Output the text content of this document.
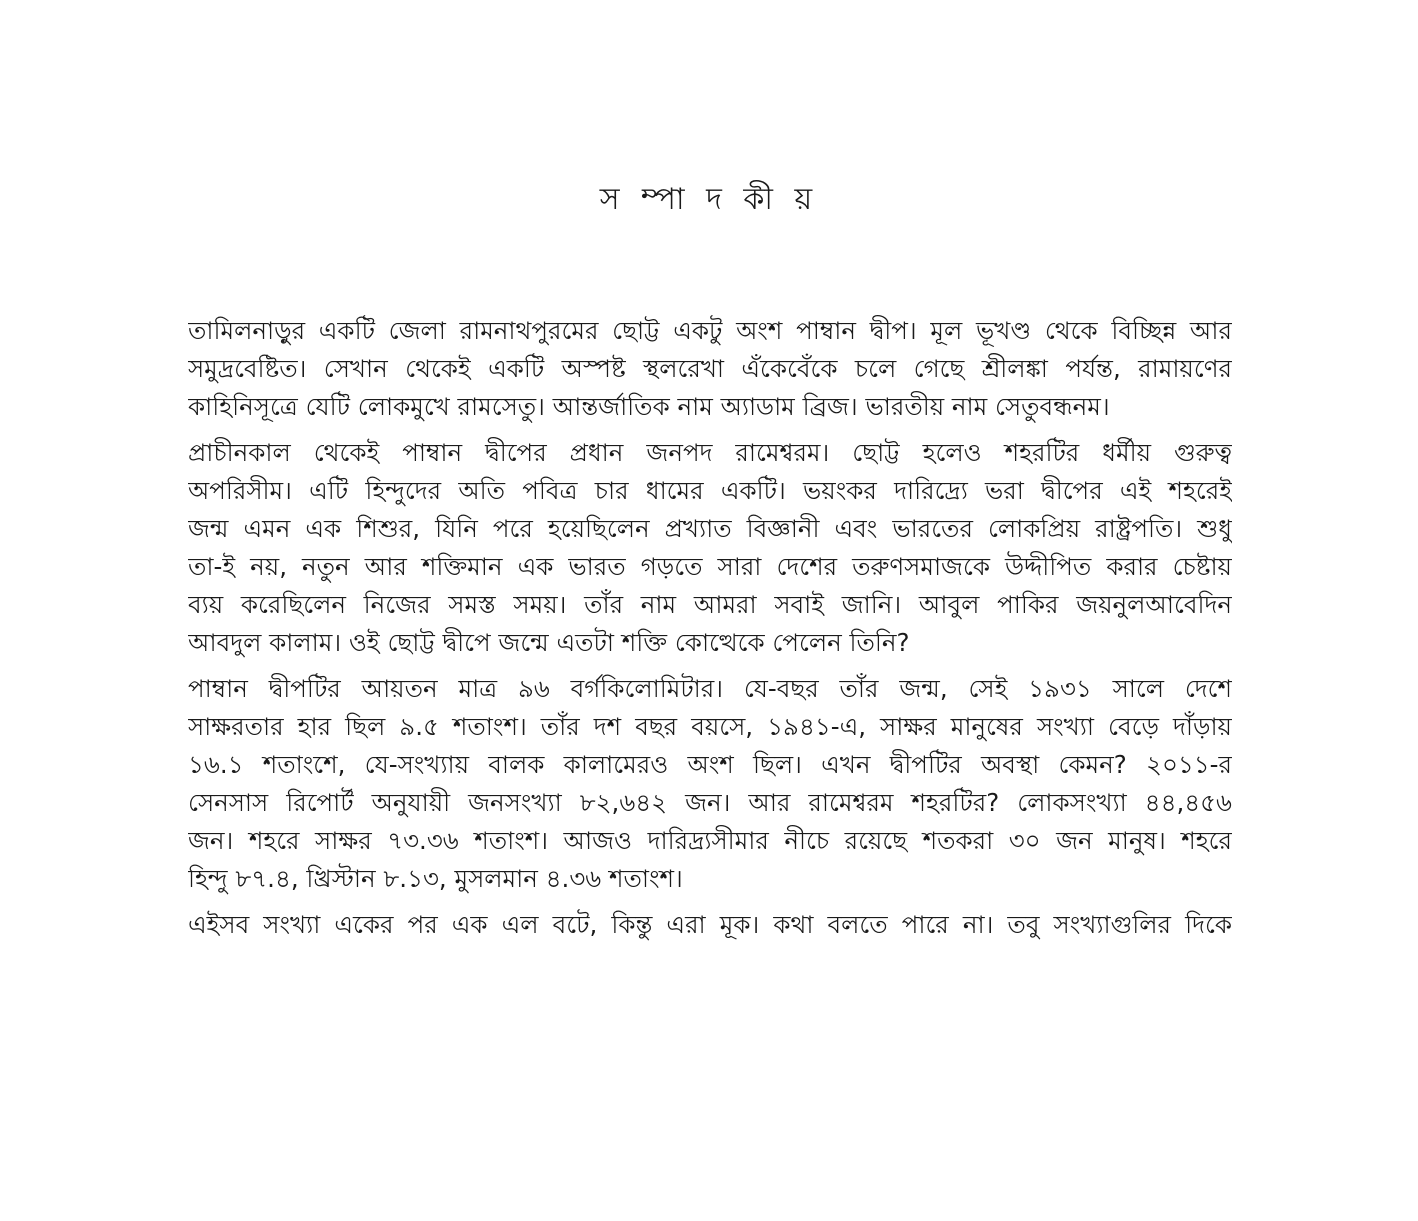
স ম্পা দ কী য়

তামিলনাড়ুর একটি জেলা রামনাথপুরমের ছোট্ট একটু অংশ পাম্বান দ্বীপ। মূল ভূখণ্ড থেকে বিচ্ছিন্ন আর
সমুদ্রবেষ্টিত। সেখান থেকেই একটি অস্পষ্ট স্থলরেখা এঁকেবেঁকে চলে গেছে শ্রীলঙ্কা পর্যন্ত, রামায়ণের
কাহিনিসূত্রে যেটি লোকমুখে রামসেতু। আন্তর্জাতিক নাম অ্যাডাম ব্রিজ। ভারতীয় নাম সেতুবন্ধনম।

প্রাচীনকাল থেকেই পাম্বান দ্বীপের প্রধান জনপদ রামেশ্বরম। ছোট্ট হলেও শহরটির ধর্মীয় গুরুত্ব
অপরিসীম। এটি হিন্দুদের অতি পবিত্র চার ধামের একটি। ভয়ংকর দারিদ্র্যে ভরা দ্বীপের এই শহরেই
জন্ম এমন এক শিশুর, যিনি পরে হয়েছিলেন প্রখ্যাত বিজ্ঞানী এবং ভারতের লোকপ্রিয় রাষ্ট্রপতি। শুধু
তা-ই নয়, নতুন আর শক্তিমান এক ভারত গড়তে সারা দেশের তরুণসমাজকে উদ্দীপিত করার চেষ্টায়
ব্যয় করেছিলেন নিজের সমস্ত সময়। তাঁর নাম আমরা সবাই জানি। আবুল পাকির জয়নুলআবেদিন
আবদুল কালাম। ওই ছোট্ট দ্বীপে জন্মে এতটা শক্তি কোত্থেকে পেলেন তিনি?

পাম্বান দ্বীপটির আয়তন মাত্র ৯৬ বর্গকিলোমিটার। যে-বছর তাঁর জন্ম, সেই ১৯৩১ সালে দেশে
সাক্ষরতার হার ছিল ৯.৫ শতাংশ। তাঁর দশ বছর বয়সে, ১৯৪১-এ, সাক্ষর মানুষের সংখ্যা বেড়ে দাঁড়ায়
১৬.১ শতাংশে, যে-সংখ্যায় বালক কালামেরও অংশ ছিল। এখন দ্বীপটির অবস্থা কেমন? ২০১১-র
সেনসাস রিপোর্ট অনুযায়ী জনসংখ্যা ৮২,৬৪২ জন। আর রামেশ্বরম শহরটির? লোকসংখ্যা ৪৪,৪৫৬
জন। শহরে সাক্ষর ৭৩.৩৬ শতাংশ। আজও দারিদ্র্যসীমার নীচে রয়েছে শতকরা ৩০ জন মানুষ। শহরে
হিন্দু ৮৭.৪, খ্রিস্টান ৮.১৩, মুসলমান ৪.৩৬ শতাংশ।

এইসব সংখ্যা একের পর এক এল বটে, কিন্তু এরা মূক। কথা বলতে পারে না। তবু সংখ্যাগুলির দিকে
